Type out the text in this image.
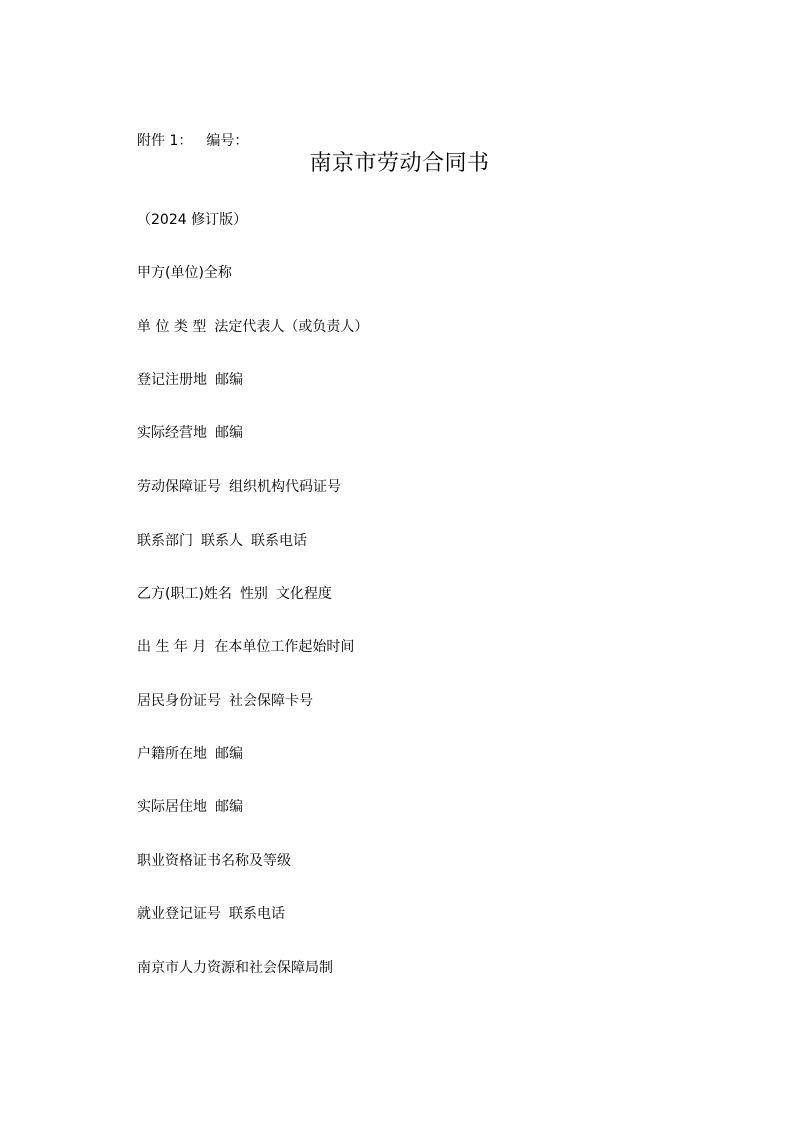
附件 1： 编号：
南京市劳动合同书
（2024 修订版）
甲方(单位)全称
单 位 类 型 法定代表人（或负责人）
登记注册地 邮编
实际经营地 邮编
劳动保障证号 组织机构代码证号
联系部门 联系人 联系电话
乙方(职工)姓名 性别 文化程度
出 生 年 月 在本单位工作起始时间
居民身份证号 社会保障卡号
户籍所在地 邮编
实际居住地 邮编
职业资格证书名称及等级
就业登记证号 联系电话
南京市人力资源和社会保障局制
